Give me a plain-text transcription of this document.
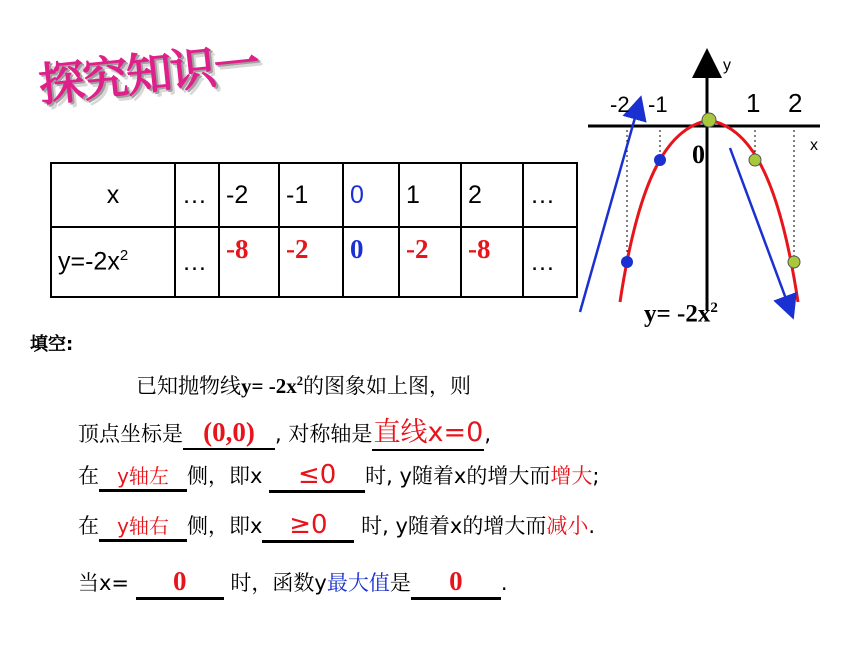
探究知识一
x	…	-2	-1	0	1	2	…
$y=-2x^2$	…	-8	-2	0	-2	-8	…
y
x
-2 -1	1 2
0
$y= -2x^2$
填空:
已知抛物线$y= -2x^2$的图象如上图，则
顶点坐标是 (0,0) , 对称轴是直线x=0,
在 y轴左 侧，即x ≤0 时, y随着x的增大而增大;
在 y轴右 侧，即x ≥0 时, y随着x的增大而减小.
当x= 0 时，函数y最大值是 0 .
